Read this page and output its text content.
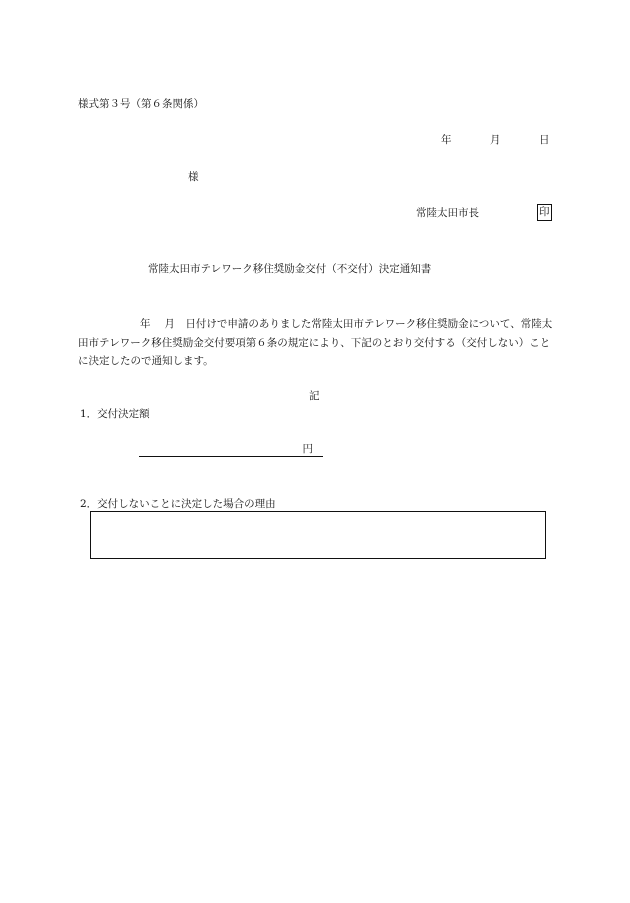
様式第３号（第６条関係）
年	月	日
様
常陸太田市長	印
常陸太田市テレワーク移住奨励金交付（不交付）決定通知書
年　 月　 日付けで申請のありました常陸太田市テレワーク移住奨励金について、常陸太田市テレワーク移住奨励金交付要項第６条の規定により、下記のとおり交付する（交付しない）ことに決定したので通知します。
記
1．交付決定額
円
2．交付しないことに決定した場合の理由
